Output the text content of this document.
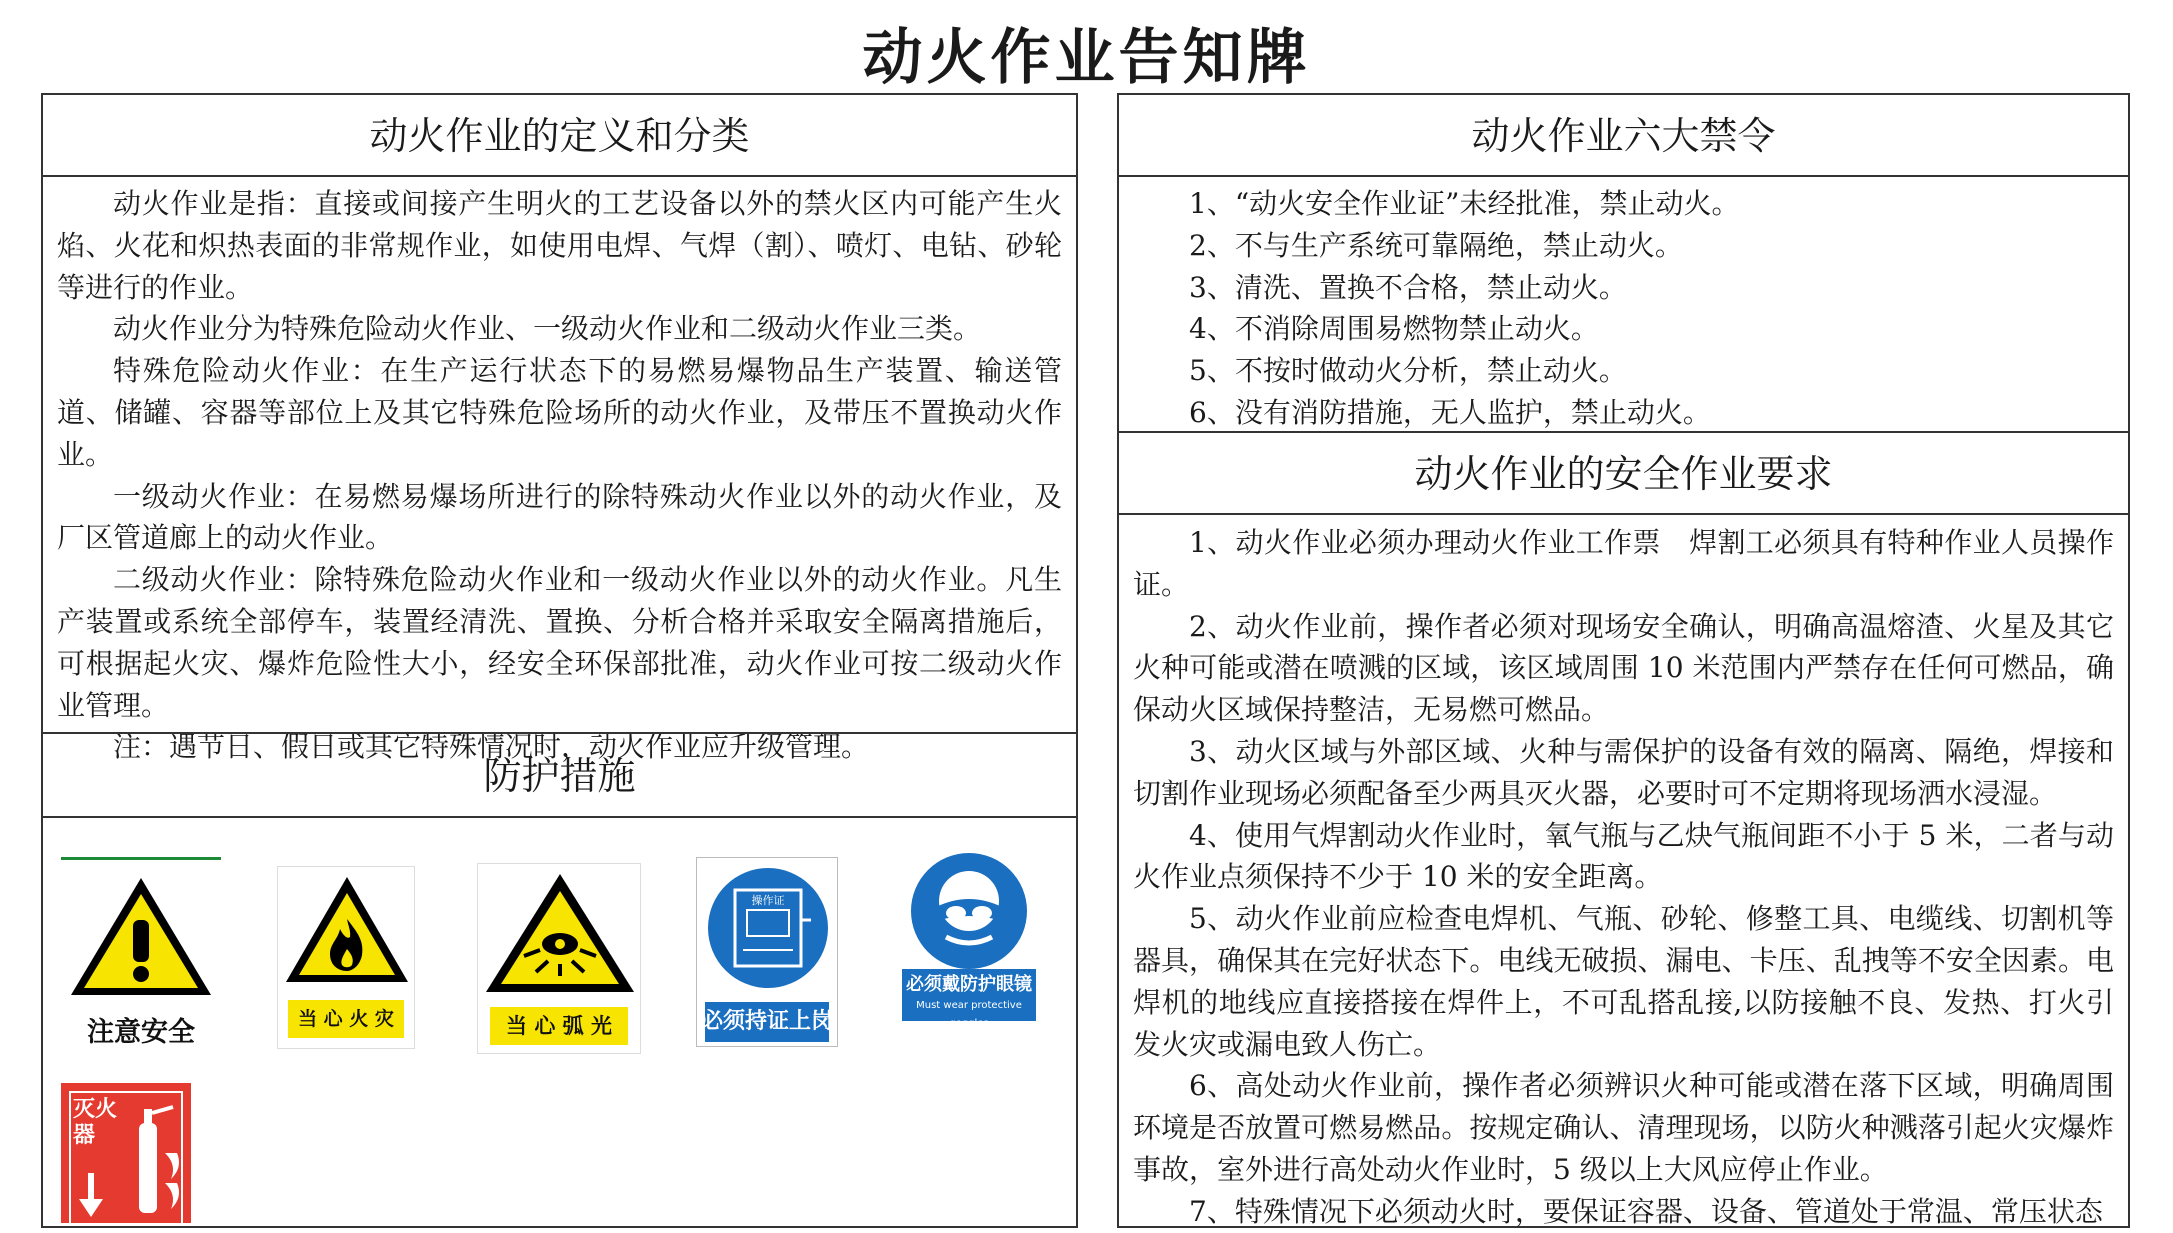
动火作业告知牌
动火作业的定义和分类

动火作业是指：直接或间接产生明火的工艺设备以外的禁火区内可能产生火焰、火花和炽热表面的非常规作业，如使用电焊、气焊（割）、喷灯、电钻、砂轮等进行的作业。

动火作业分为特殊危险动火作业、一级动火作业和二级动火作业三类。

特殊危险动火作业：在生产运行状态下的易燃易爆物品生产装置、输送管道、储罐、容器等部位上及其它特殊危险场所的动火作业，及带压不置换动火作业。

一级动火作业：在易燃易爆场所进行的除特殊动火作业以外的动火作业，及厂区管道廊上的动火作业。

二级动火作业：除特殊危险动火作业和一级动火作业以外的动火作业。凡生产装置或系统全部停车，装置经清洗、置换、分析合格并采取安全隔离措施后，可根据起火灾、爆炸危险性大小，经安全环保部批准，动火作业可按二级动火作业管理。

注：遇节日、假日或其它特殊情况时，动火作业应升级管理。

防护措施
注意安全	当 心 火 灾	当 心 弧 光
操作证
必须持证上岗
必须戴防护眼镜
Must wear protective goggles
灭火器
动火作业六大禁令

1、“动火安全作业证”未经批准，禁止动火。

2、不与生产系统可靠隔绝，禁止动火。

3、清洗、置换不合格，禁止动火。

4、不消除周围易燃物禁止动火。

5、不按时做动火分析，禁止动火。

6、没有消防措施，无人监护，禁止动火。

动火作业的安全作业要求

1、动火作业必须办理动火作业工作票　焊割工必须具有特种作业人员操作证。

2、动火作业前，操作者必须对现场安全确认，明确高温熔渣、火星及其它火种可能或潜在喷溅的区域，该区域周围 10 米范围内严禁存在任何可燃品，确保动火区域保持整洁，无易燃可燃品。

3、动火区域与外部区域、火种与需保护的设备有效的隔离、隔绝，焊接和切割作业现场必须配备至少两具灭火器，必要时可不定期将现场洒水浸湿。

4、使用气焊割动火作业时，氧气瓶与乙炔气瓶间距不小于 5 米，二者与动火作业点须保持不少于 10 米的安全距离。

5、动火作业前应检查电焊机、气瓶、砂轮、修整工具、电缆线、切割机等器具，确保其在完好状态下。电线无破损、漏电、卡压、乱拽等不安全因素。电焊机的地线应直接搭接在焊件上，不可乱搭乱接,以防接触不良、发热、打火引发火灾或漏电致人伤亡。

6、高处动火作业前，操作者必须辨识火种可能或潜在落下区域，明确周围环境是否放置可燃易燃品。按规定确认、清理现场，以防火种溅落引起火灾爆炸事故，室外进行高处动火作业时，5 级以上大风应停止作业。

7、特殊情况下必须动火时，要保证容器、设备、管道处于常温、常压状态
